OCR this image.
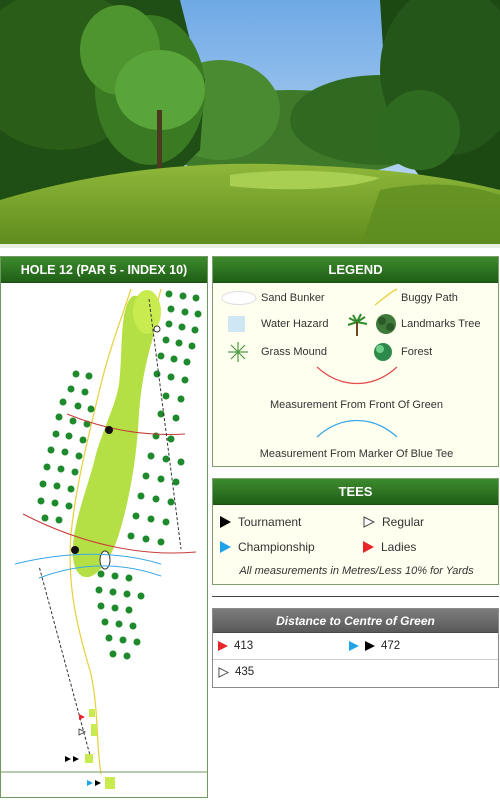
HOLE 12 (PAR 5 - INDEX 10)	LEGEND
Sand Bunker	Buggy Path
Water Hazard	Landmarks Tree
Grass Mound	Forest
Measurement From Front Of Green
Measurement From Marker Of Blue Tee
TEES
Tournament	Regular
Championship	Ladies
All measurements in Metres/Less 10% for Yards
Distance to Centre of Green
413	472
435
